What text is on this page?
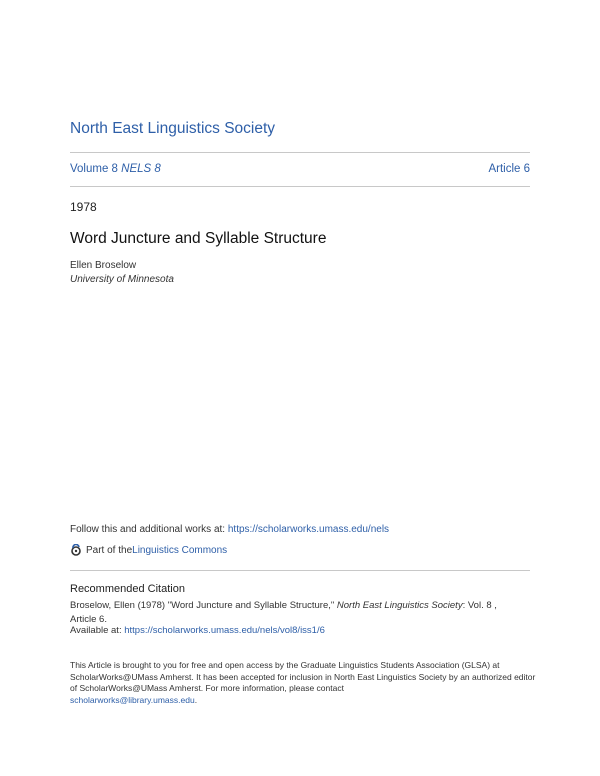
North East Linguistics Society
Volume 8 NELS 8	Article 6
1978
Word Juncture and Syllable Structure
Ellen Broselow
University of Minnesota
Follow this and additional works at: https://scholarworks.umass.edu/nels
Part of the Linguistics Commons
Recommended Citation
Broselow, Ellen (1978) "Word Juncture and Syllable Structure," North East Linguistics Society: Vol. 8 ,
Article 6.
Available at: https://scholarworks.umass.edu/nels/vol8/iss1/6
This Article is brought to you for free and open access by the Graduate Linguistics Students Association (GLSA) at ScholarWorks@UMass Amherst. It has been accepted for inclusion in North East Linguistics Society by an authorized editor of ScholarWorks@UMass Amherst. For more information, please contact
scholarworks@library.umass.edu.
